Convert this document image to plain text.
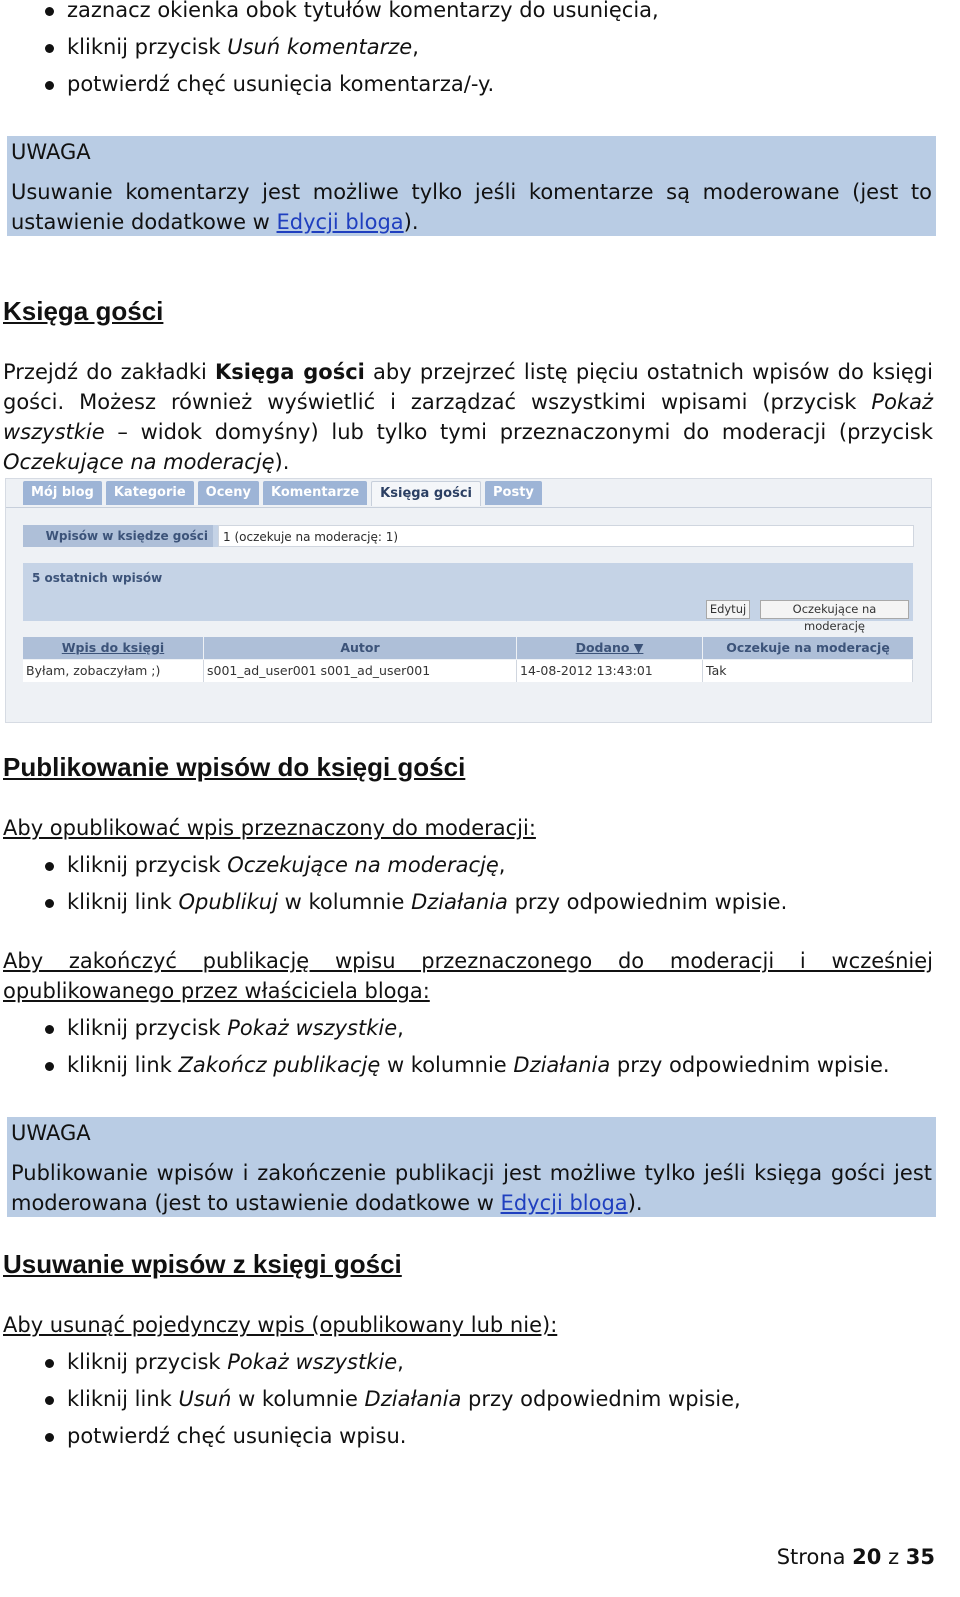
zaznacz okienka obok tytułów komentarzy do usunięcia,
kliknij przycisk Usuń komentarze,
potwierdź chęć usunięcia komentarza/-y.
UWAGA
Usuwanie komentarzy jest możliwe tylko jeśli komentarze są moderowane (jest to ustawienie dodatkowe w Edycji bloga).
Księga gości
Przejdź do zakładki Księga gości aby przejrzeć listę pięciu ostatnich wpisów do księgi gości. Możesz również wyświetlić i zarządzać wszystkimi wpisami (przycisk Pokaż wszystkie – widok domyśny) lub tylko tymi przeznaczonymi do moderacji (przycisk Oczekujące na moderację).
Mój blog	Kategorie	Oceny	Komentarze	Księga gości	Posty
Wpisów w księdze gości	1 (oczekuje na moderację: 1)
5 ostatnich wpisów
Edytuj	Oczekujące na moderację
Wpis do księgi	Autor	Dodano ▼	Oczekuje na moderację
Byłam, zobaczyłam ;)	s001_ad_user001 s001_ad_user001	14-08-2012 13:43:01	Tak
Publikowanie wpisów do księgi gości
Aby opublikować wpis przeznaczony do moderacji:
kliknij przycisk Oczekujące na moderację,
kliknij link Opublikuj w kolumnie Działania przy odpowiednim wpisie.
Aby zakończyć publikację wpisu przeznaczonego do moderacji i wcześniej opublikowanego przez właściciela bloga:
kliknij przycisk Pokaż wszystkie,
kliknij link Zakończ publikację w kolumnie Działania przy odpowiednim wpisie.
UWAGA
Publikowanie wpisów i zakończenie publikacji jest możliwe tylko jeśli księga gości jest moderowana (jest to ustawienie dodatkowe w Edycji bloga).
Usuwanie wpisów z księgi gości
Aby usunąć pojedynczy wpis (opublikowany lub nie):
kliknij przycisk Pokaż wszystkie,
kliknij link Usuń w kolumnie Działania przy odpowiednim wpisie,
potwierdź chęć usunięcia wpisu.
Strona 20 z 35
